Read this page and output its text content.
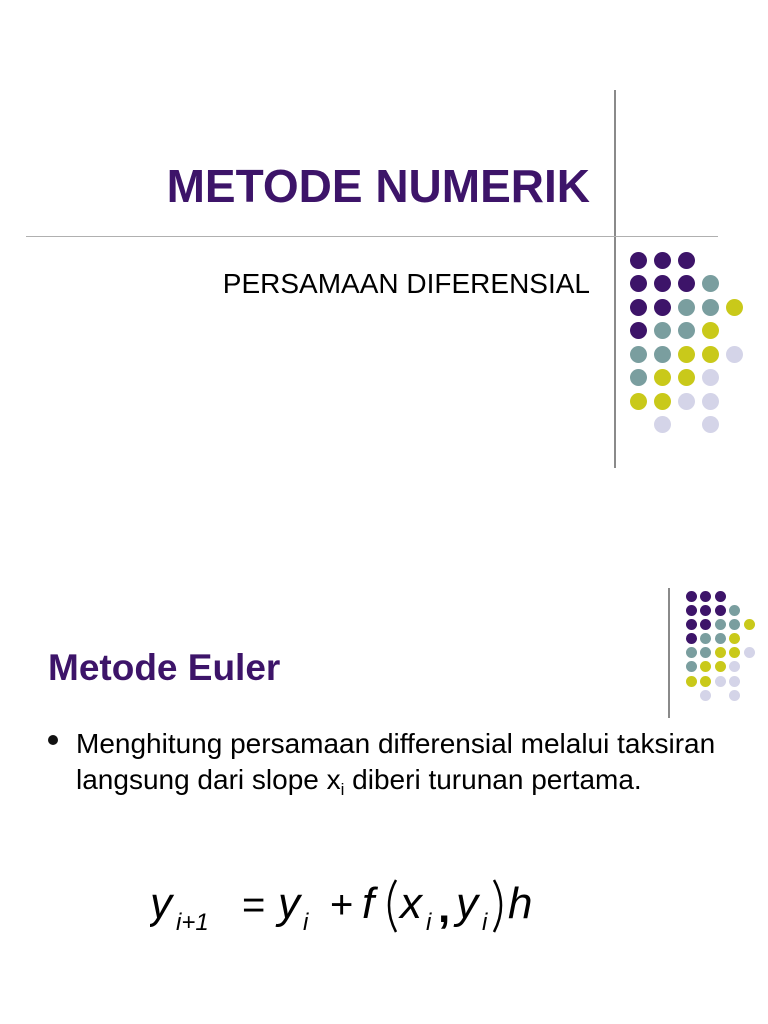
METODE NUMERIK
PERSAMAAN DIFERENSIAL
Metode Euler
Menghitung persamaan differensial melalui taksiran langsung dari slope $x_i$ diberi turunan pertama.
y i+1 = y i + f x i , y i h
